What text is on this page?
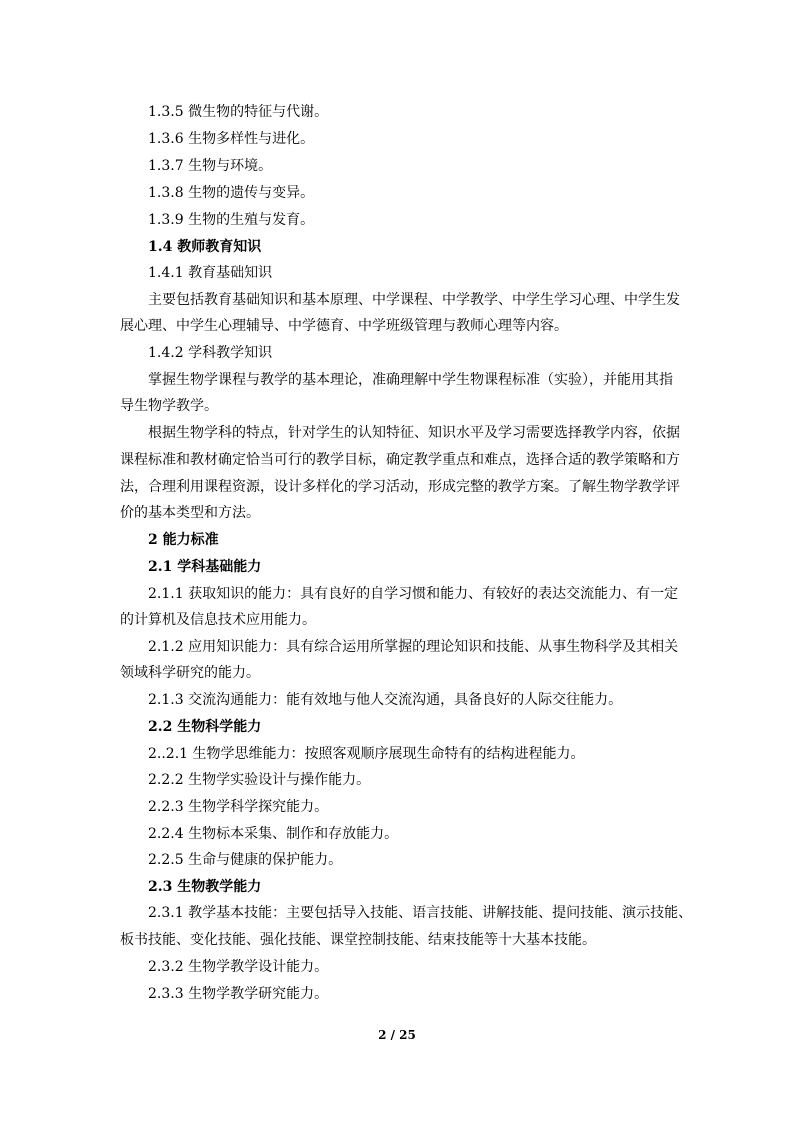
1.3.5 微生物的特征与代谢。
1.3.6 生物多样性与进化。
1.3.7 生物与环境。
1.3.8 生物的遗传与变异。
1.3.9 生物的生殖与发育。
1.4 教师教育知识
1.4.1 教育基础知识
主要包括教育基础知识和基本原理、中学课程、中学教学、中学生学习心理、中学生发
展心理、中学生心理辅导、中学德育、中学班级管理与教师心理等内容。
1.4.2 学科教学知识
掌握生物学课程与教学的基本理论，准确理解中学生物课程标准（实验），并能用其指
导生物学教学。
根据生物学科的特点，针对学生的认知特征、知识水平及学习需要选择教学内容，依据
课程标准和教材确定恰当可行的教学目标，确定教学重点和难点，选择合适的教学策略和方
法，合理利用课程资源，设计多样化的学习活动，形成完整的教学方案。了解生物学教学评
价的基本类型和方法。
2 能力标准
2.1 学科基础能力
2.1.1 获取知识的能力：具有良好的自学习惯和能力、有较好的表达交流能力、有一定
的计算机及信息技术应用能力。
2.1.2 应用知识能力：具有综合运用所掌握的理论知识和技能、从事生物科学及其相关
领域科学研究的能力。
2.1.3 交流沟通能力：能有效地与他人交流沟通，具备良好的人际交往能力。
2.2 生物科学能力
2..2.1 生物学思维能力：按照客观顺序展现生命特有的结构进程能力。
2.2.2 生物学实验设计与操作能力。
2.2.3 生物学科学探究能力。
2.2.4 生物标本采集、制作和存放能力。
2.2.5 生命与健康的保护能力。
2.3 生物教学能力
2.3.1 教学基本技能：主要包括导入技能、语言技能、讲解技能、提问技能、演示技能、
板书技能、变化技能、强化技能、课堂控制技能、结束技能等十大基本技能。
2.3.2 生物学教学设计能力。
2.3.3 生物学教学研究能力。
2 / 25
